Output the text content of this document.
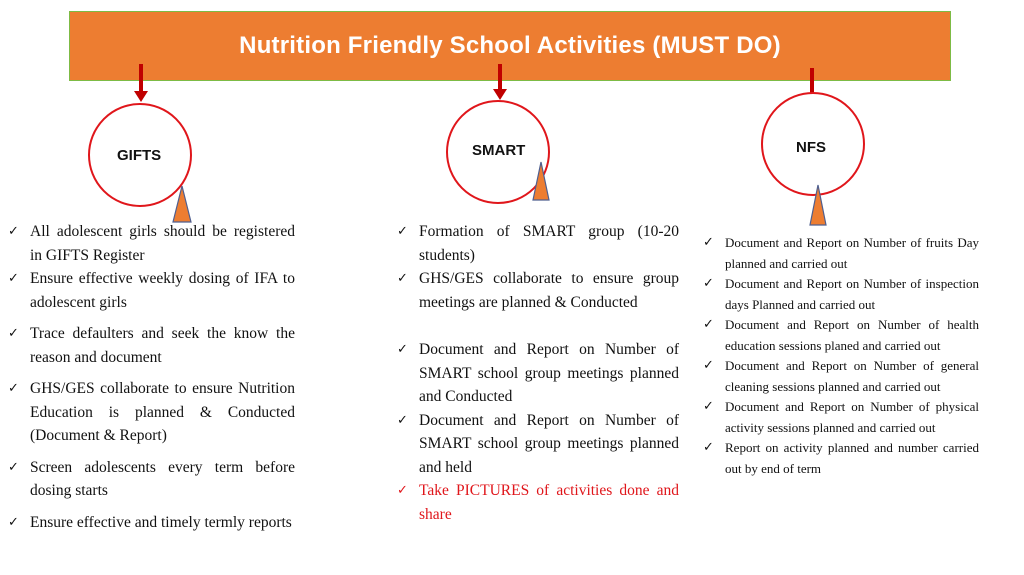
Nutrition Friendly School Activities (MUST DO)
GIFTS	SMART	NFS
✓ All adolescent girls should be registered in GIFTS Register
✓ Ensure effective weekly dosing of IFA to adolescent girls
✓ Trace defaulters and seek the know the reason and document
✓ GHS/GES collaborate to ensure Nutrition Education is planned & Conducted (Document & Report)
✓ Screen adolescents every term before dosing starts
✓ Ensure effective and timely termly reports
✓ Formation of SMART group (10-20 students)
✓ GHS/GES collaborate to ensure group meetings are planned & Conducted
✓ Document and Report on Number of SMART school group meetings planned and Conducted
✓ Document and Report on Number of SMART school group meetings planned and held
✓ Take PICTURES of activities done and share
✓ Document and Report on Number of fruits Day planned and carried out
✓ Document and Report on Number of inspection days Planned and carried out
✓ Document and Report on Number of health education sessions planed and carried out
✓ Document and Report on Number of general cleaning sessions planned and carried out
✓ Document and Report on Number of physical activity sessions planned and carried out
✓ Report on activity planned and number carried out by end of term
